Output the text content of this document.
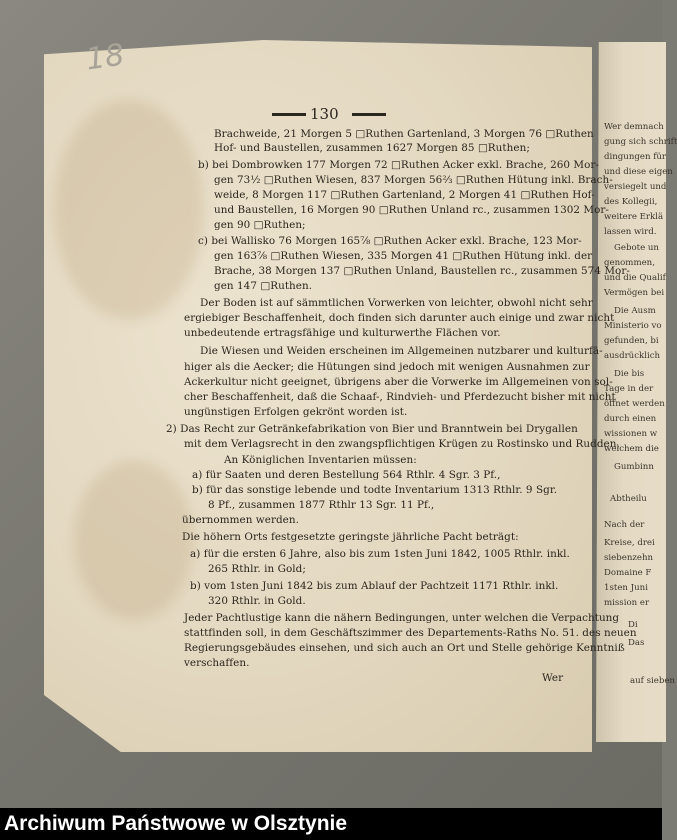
18
130
Brachweide, 21 Morgen 5 □Ruthen Gartenland, 3 Morgen 76 □Ruthen
Hof- und Baustellen, zusammen 1627 Morgen 85 □Ruthen;
b) bei Dombrowken 177 Morgen 72 □Ruthen Acker exkl. Brache, 260 Mor-
gen 73½ □Ruthen Wiesen, 837 Morgen 56⅔ □Ruthen Hütung inkl. Brach-
weide, 8 Morgen 117 □Ruthen Gartenland, 2 Morgen 41 □Ruthen Hof-
und Baustellen, 16 Morgen 90 □Ruthen Unland rc., zusammen 1302 Mor-
gen 90 □Ruthen;
c) bei Wallisko 76 Morgen 165⅞ □Ruthen Acker exkl. Brache, 123 Mor-
gen 163⅞ □Ruthen Wiesen, 335 Morgen 41 □Ruthen Hütung inkl. der
Brache, 38 Morgen 137 □Ruthen Unland, Baustellen rc., zusammen 574 Mor-
gen 147 □Ruthen.
Der Boden ist auf sämmtlichen Vorwerken von leichter, obwohl nicht sehr
ergiebiger Beschaffenheit, doch finden sich darunter auch einige und zwar nicht
unbedeutende ertragsfähige und kulturwerthe Flächen vor.
Die Wiesen und Weiden erscheinen im Allgemeinen nutzbarer und kulturfä-
higer als die Aecker; die Hütungen sind jedoch mit wenigen Ausnahmen zur
Ackerkultur nicht geeignet, übrigens aber die Vorwerke im Allgemeinen von sol-
cher Beschaffenheit, daß die Schaaf-, Rindvieh- und Pferdezucht bisher mit nicht
ungünstigen Erfolgen gekrönt worden ist.
2) Das Recht zur Getränkefabrikation von Bier und Branntwein bei Drygallen
mit dem Verlagsrecht in den zwangspflichtigen Krügen zu Rostinsko und Rudden,
An Königlichen Inventarien müssen:
a) für Saaten und deren Bestellung 564 Rthlr. 4 Sgr. 3 Pf.,
b) für das sonstige lebende und todte Inventarium 1313 Rthlr. 9 Sgr.
8 Pf., zusammen 1877 Rthlr 13 Sgr. 11 Pf.,
übernommen werden.
Die höhern Orts festgesetzte geringste jährliche Pacht beträgt:
a) für die ersten 6 Jahre, also bis zum 1sten Juni 1842, 1005 Rthlr. inkl.
265 Rthlr. in Gold;
b) vom 1sten Juni 1842 bis zum Ablauf der Pachtzeit 1171 Rthlr. inkl.
320 Rthlr. in Gold.
Jeder Pachtlustige kann die nähern Bedingungen, unter welchen die Verpachtung
stattfinden soll, in dem Geschäftszimmer des Departements-Raths No. 51. des neuen
Regierungsgebäudes einsehen, und sich auch an Ort und Stelle gehörige Kenntniß
verschaffen.
Wer
Wer demnach
gung sich schrift
dingungen für
und diese eigen
versiegelt und
des Kollegii,
weitere Erklä
lassen wird.
Gebote un
genommen,
und die Qualif
Vermögen bei
Die Ausm
Ministerio vo
gefunden, bi
ausdrücklich
Die bis
Tage in der
öffnet werden
durch einen
wissionen w
welchem die
Gumbinn
Abtheilu
Nach der
Kreise, drei
siebenzehn
Domaine F
1sten Juni
mission er
Di
Das
auf sieben
Archiwum Państwowe w Olsztynie
